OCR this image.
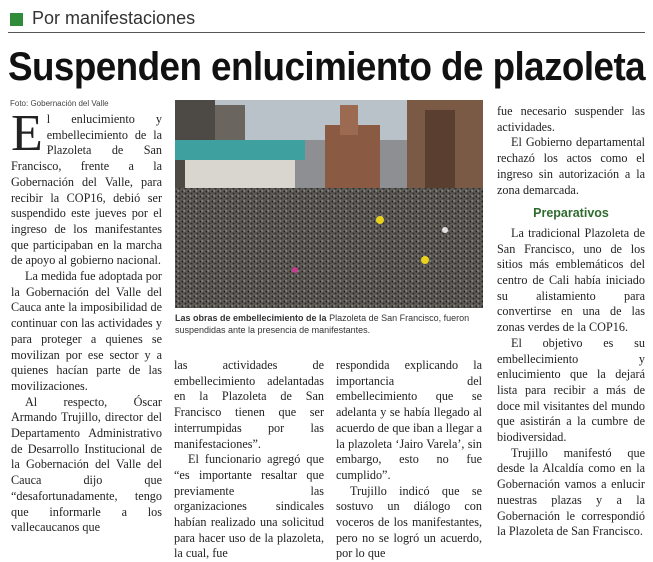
Por manifestaciones
Suspenden enlucimiento de plazoleta
Foto: Gobernación del Valle

El enlucimiento y embellecimiento de la Plazoleta de San Francisco, frente a la Gobernación del Valle, para recibir la COP16, debió ser suspendido este jueves por el ingreso de los manifestantes que participaban en la marcha de apoyo al gobierno nacional.

La medida fue adoptada por la Gobernación del Valle del Cauca ante la imposibilidad de continuar con las actividades y para proteger a quienes se movilizan por ese sector y a quienes hacían parte de las movilizaciones.

Al respecto, Óscar Armando Trujillo, director del Departamento Administrativo de Desarrollo Institucional de la Gobernación del Valle del Cauca dijo que “desafortunadamente, tengo que informarle a los vallecaucanos que

Las obras de embellecimiento de la Plazoleta de San Francisco, fueron suspendidas ante la presencia de manifestantes.

las actividades de embellecimiento adelantadas en la Plazoleta de San Francisco tienen que ser interrumpidas por las manifestaciones”.

El funcionario agregó que “es importante resaltar que previamente las organizaciones sindicales habían realizado una solicitud para hacer uso de la plazoleta, la cual, fue

respondida explicando la importancia del embellecimiento que se adelanta y se había llegado al acuerdo de que iban a llegar a la plazoleta ‘Jairo Varela’, sin embargo, esto no fue cumplido”.

Trujillo indicó que se sostuvo un diálogo con voceros de los manifestantes, pero no se logró un acuerdo, por lo que

fue necesario suspender las actividades.

El Gobierno departamental rechazó los actos como el ingreso sin autorización a la zona demarcada.

Preparativos

La tradicional Plazoleta de San Francisco, uno de los sitios más emblemáticos del centro de Cali había iniciado su alistamiento para convertirse en una de las zonas verdes de la COP16.

El objetivo es su embellecimiento y enlucimiento que la dejará lista para recibir a más de doce mil visitantes del mundo que asistirán a la cumbre de biodiversidad.

Trujillo manifestó que desde la Alcaldía como en la Gobernación vamos a enlucir nuestras plazas y a la Gobernación le correspondió la Plazoleta de San Francisco.
